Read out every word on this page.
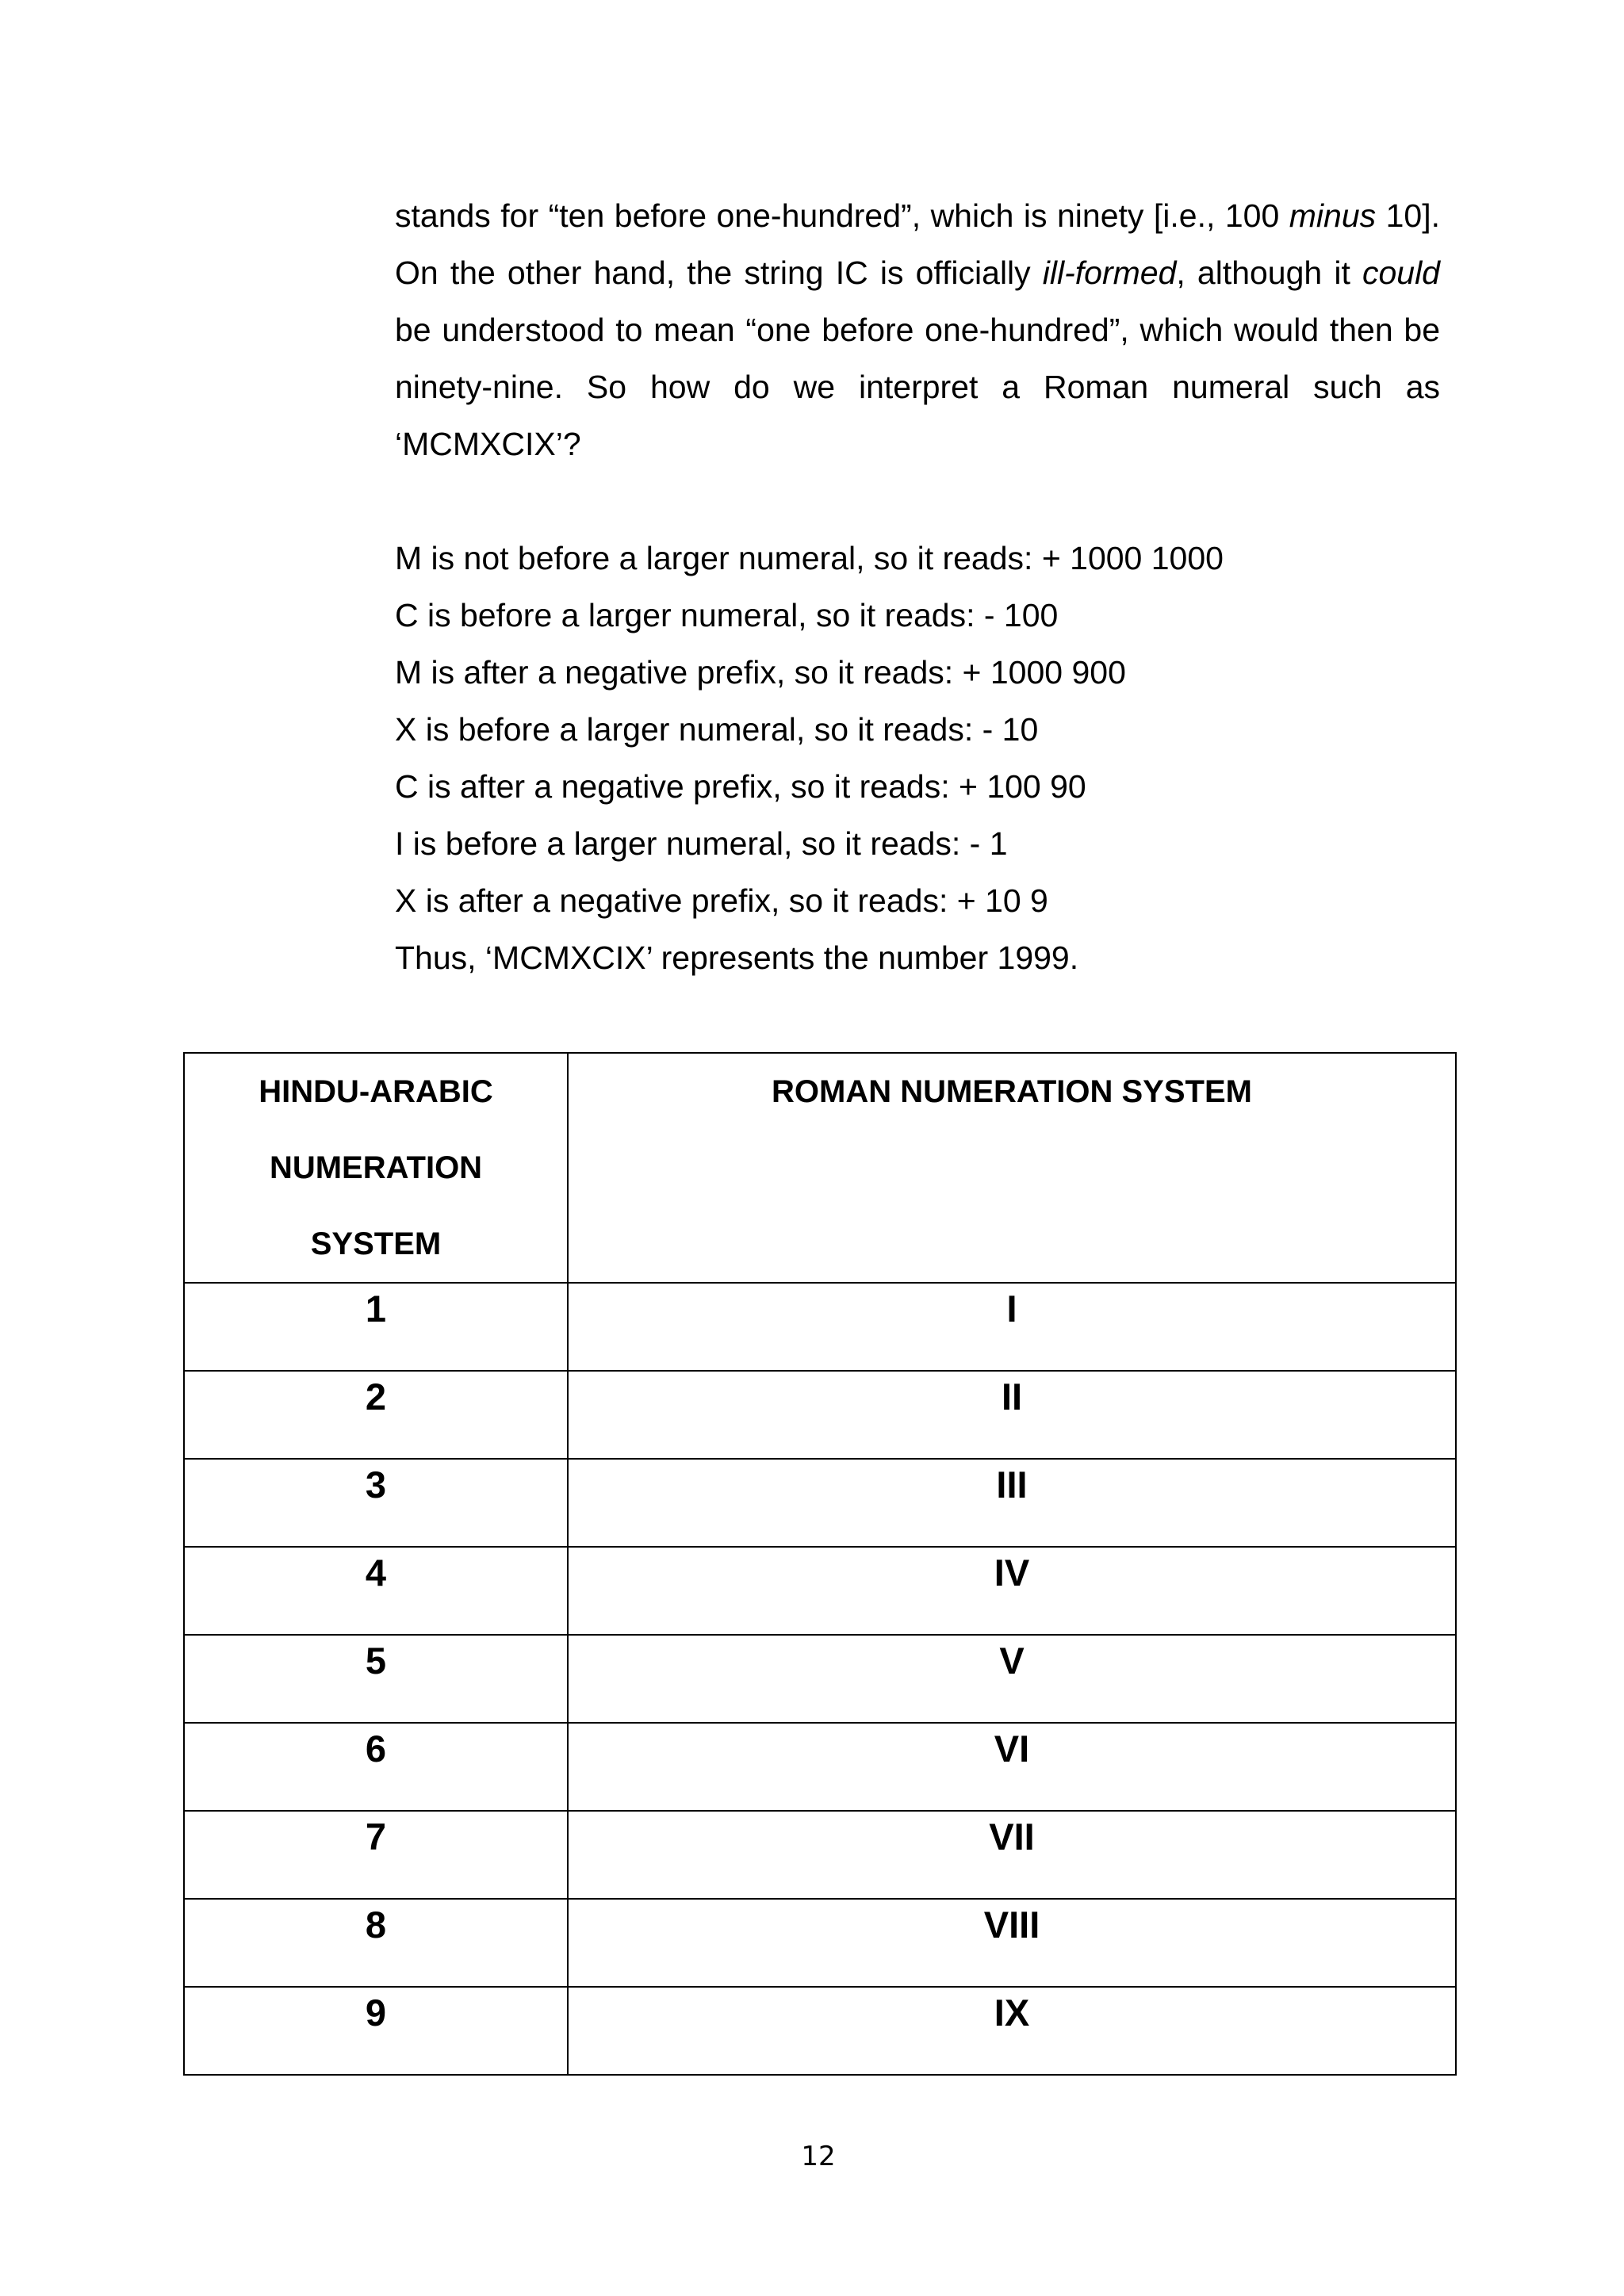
stands for “ten before one-hundred”, which is ninety [i.e., 100 minus 10]. On the other hand, the string IC is officially ill-formed, although it could be understood to mean “one before one-hundred”, which would then be ninety-nine. So how do we interpret a Roman numeral such as ‘MCMXCIX’?

M is not before a larger numeral, so it reads: + 1000 1000
C is before a larger numeral, so it reads: - 100
M is after a negative prefix, so it reads: + 1000 900
X is before a larger numeral, so it reads: - 10
C is after a negative prefix, so it reads: + 100 90
I is before a larger numeral, so it reads: - 1
X is after a negative prefix, so it reads: + 10 9
Thus, ‘MCMXCIX’ represents the number 1999.
HINDU-ARABIC
NUMERATION
SYSTEM	ROMAN NUMERATION SYSTEM

1	I
2	II
3	III
4	IV
5	V
6	VI
7	VII
8	VIII
9	IX
12
